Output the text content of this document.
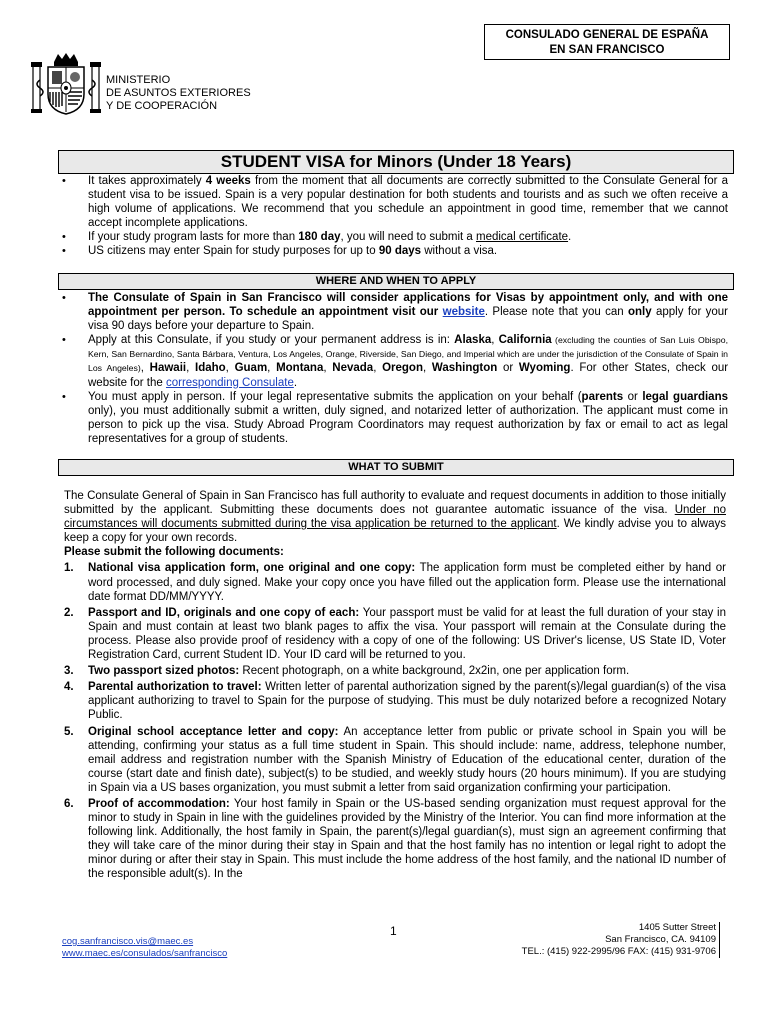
CONSULADO GENERAL DE ESPAÑA
EN SAN FRANCISCO
MINISTERIO
DE ASUNTOS EXTERIORES
Y DE COOPERACIÓN
STUDENT VISA for Minors (Under 18 Years)
• It takes approximately 4 weeks from the moment that all documents are correctly submitted to the Consulate General for a student visa to be issued. Spain is a very popular destination for both students and tourists and as such we often receive a high volume of applications. We recommend that you schedule an appointment in good time, remember that we cannot accept incomplete applications.
• If your study program lasts for more than 180 day, you will need to submit a medical certificate.
• US citizens may enter Spain for study purposes for up to 90 days without a visa.
WHERE AND WHEN TO APPLY
• The Consulate of Spain in San Francisco will consider applications for Visas by appointment only, and with one appointment per person. To schedule an appointment visit our website. Please note that you can only apply for your visa 90 days before your departure to Spain.
• Apply at this Consulate, if you study or your permanent address is in: Alaska, California (excluding the counties of San Luis Obispo, Kern, San Bernardino, Santa Bárbara, Ventura, Los Angeles, Orange, Riverside, San Diego, and Imperial which are under the jurisdiction of the Consulate of Spain in Los Angeles), Hawaii, Idaho, Guam, Montana, Nevada, Oregon, Washington or Wyoming. For other States, check our website for the corresponding Consulate.
• You must apply in person. If your legal representative submits the application on your behalf (parents or legal guardians only), you must additionally submit a written, duly signed, and notarized letter of authorization. The applicant must come in person to pick up the visa. Study Abroad Program Coordinators may request authorization by fax or email to act as legal representatives for a group of students.
WHAT TO SUBMIT

The Consulate General of Spain in San Francisco has full authority to evaluate and request documents in addition to those initially submitted by the applicant. Submitting these documents does not guarantee automatic issuance of the visa. Under no circumstances will documents submitted during the visa application be returned to the applicant. We kindly advise you to always keep a copy for your own records.

Please submit the following documents:

1. National visa application form, one original and one copy: The application form must be completed either by hand or word processed, and duly signed. Make your copy once you have filled out the application form. Please use the international date format DD/MM/YYYY.
2. Passport and ID, originals and one copy of each: Your passport must be valid for at least the full duration of your stay in Spain and must contain at least two blank pages to affix the visa. Your passport will remain at the Consulate during the process. Please also provide proof of residency with a copy of one of the following: US Driver's license, US State ID, Voter Registration Card, current Student ID. Your ID card will be returned to you.
3. Two passport sized photos: Recent photograph, on a white background, 2x2in, one per application form.
4. Parental authorization to travel: Written letter of parental authorization signed by the parent(s)/legal guardian(s) of the visa applicant authorizing to travel to Spain for the purpose of studying. This must be duly notarized before a recognized Notary Public.
5. Original school acceptance letter and copy: An acceptance letter from public or private school in Spain you will be attending, confirming your status as a full time student in Spain. This should include: name, address, telephone number, email address and registration number with the Spanish Ministry of Education of the educational center, duration of the course (start date and finish date), subject(s) to be studied, and weekly study hours (20 hours minimum). If you are studying in Spain via a US bases organization, you must submit a letter from said organization confirming your participation.
6. Proof of accommodation: Your host family in Spain or the US-based sending organization must request approval for the minor to study in Spain in line with the guidelines provided by the Ministry of the Interior. You can find more information at the following link. Additionally, the host family in Spain, the parent(s)/legal guardian(s), must sign an agreement confirming that they will take care of the minor during their stay in Spain and that the host family has no intention or legal right to adopt the minor during or after their stay in Spain. This must include the home address of the host family, and the national ID number of the responsible adult(s). In the
1
cog.sanfrancisco.vis@maec.es
www.maec.es/consulados/sanfrancisco
1405 Sutter Street
San Francisco, CA. 94109
TEL.: (415) 922-2995/96 FAX: (415) 931-9706
